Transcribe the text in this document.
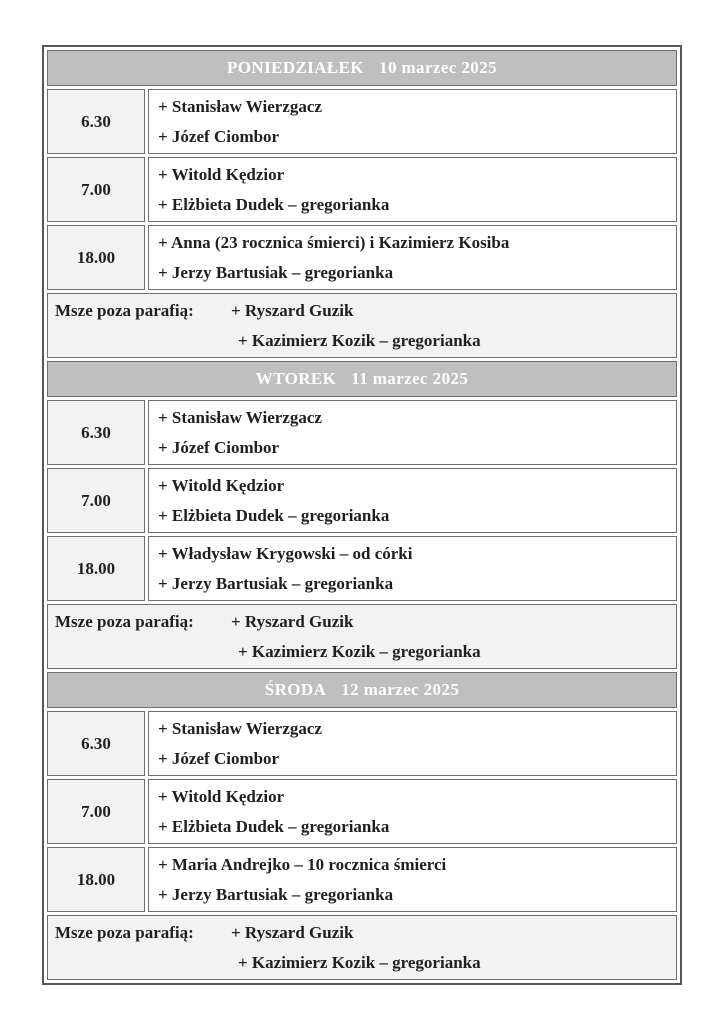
PONIEDZIAŁEK 10 marzec 2025	
6.30	+ Stanisław Wierzgacz
+ Józef Ciombor

7.00	+ Witold Kędzior
+ Elżbieta Dudek – gregorianka

18.00	+ Anna (23 rocznica śmierci) i Kazimierz Kosiba
+ Jerzy Bartusiak – gregorianka

Msze poza parafią: + Ryszard Guzik
+ Kazimierz Kozik – gregorianka	

WTOREK 11 marzec 2025	
6.30	+ Stanisław Wierzgacz
+ Józef Ciombor

7.00	+ Witold Kędzior
+ Elżbieta Dudek – gregorianka

18.00	+ Władysław Krygowski – od córki
+ Jerzy Bartusiak – gregorianka

Msze poza parafią: + Ryszard Guzik
+ Kazimierz Kozik – gregorianka	

ŚRODA 12 marzec 2025	
6.30	+ Stanisław Wierzgacz
+ Józef Ciombor

7.00	+ Witold Kędzior
+ Elżbieta Dudek – gregorianka

18.00	+ Maria Andrejko – 10 rocznica śmierci
+ Jerzy Bartusiak – gregorianka

Msze poza parafią: + Ryszard Guzik
+ Kazimierz Kozik – gregorianka	
